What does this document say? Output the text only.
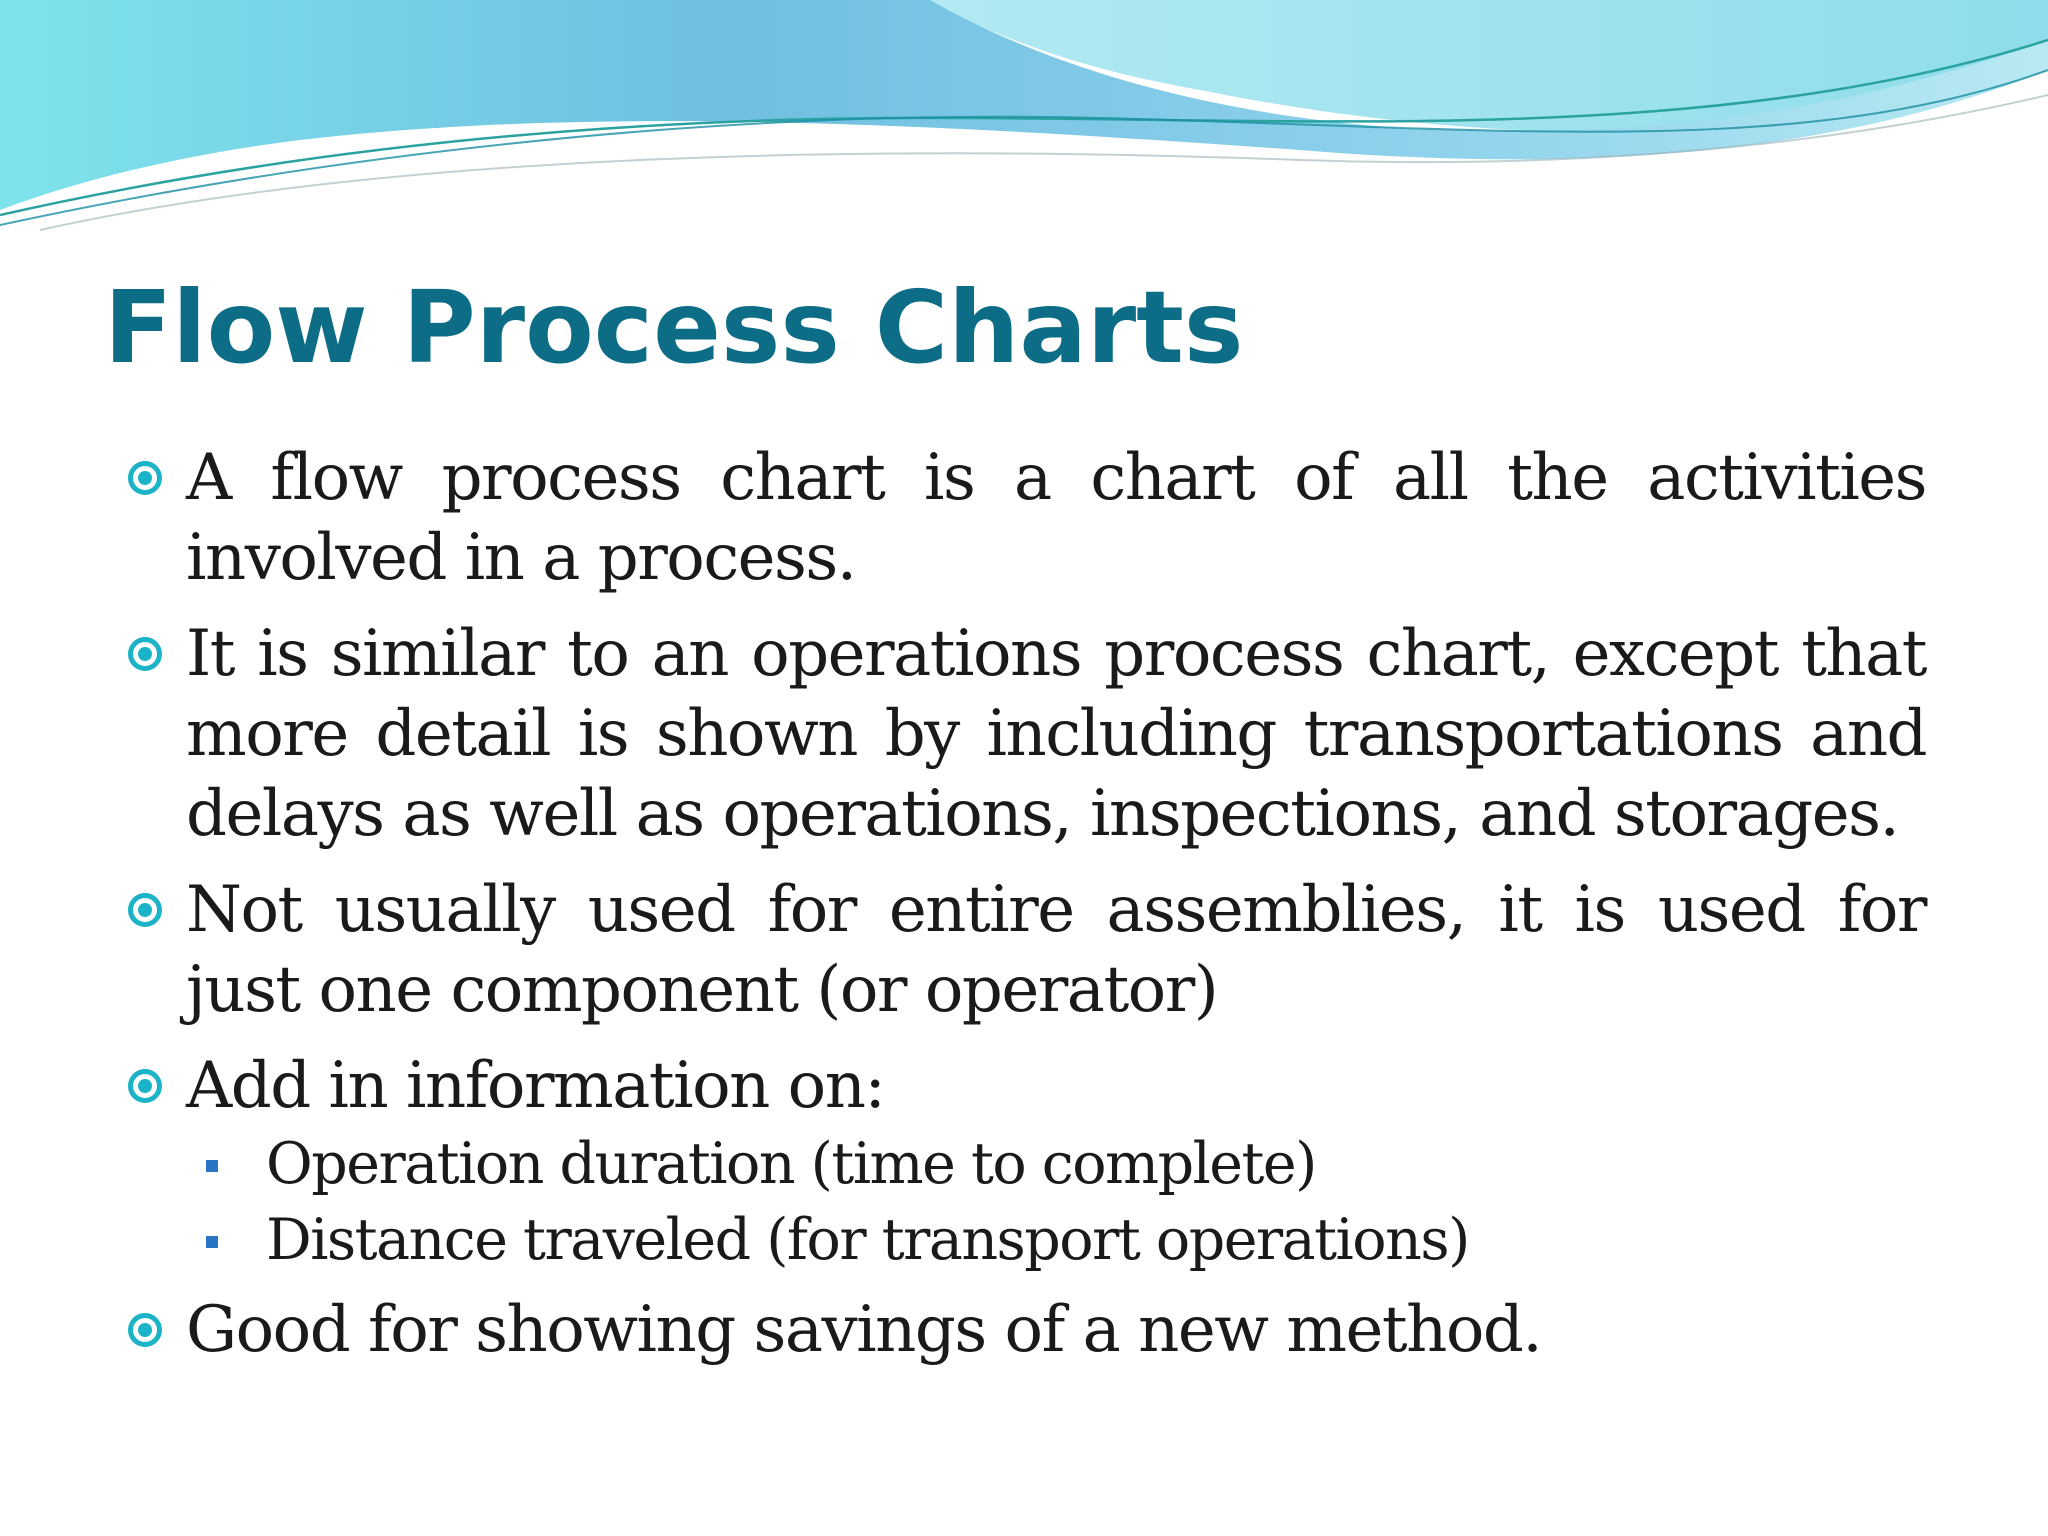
Flow Process Charts
A flow process chart is a chart of all the activities involved in a process.
It is similar to an operations process chart, except that more detail is shown by including transportations and delays as well as operations, inspections, and storages.
Not usually used for entire assemblies, it is used for just one component (or operator)
Add in information on:
Operation duration (time to complete)
Distance traveled (for transport operations)
Good for showing savings of a new method.
